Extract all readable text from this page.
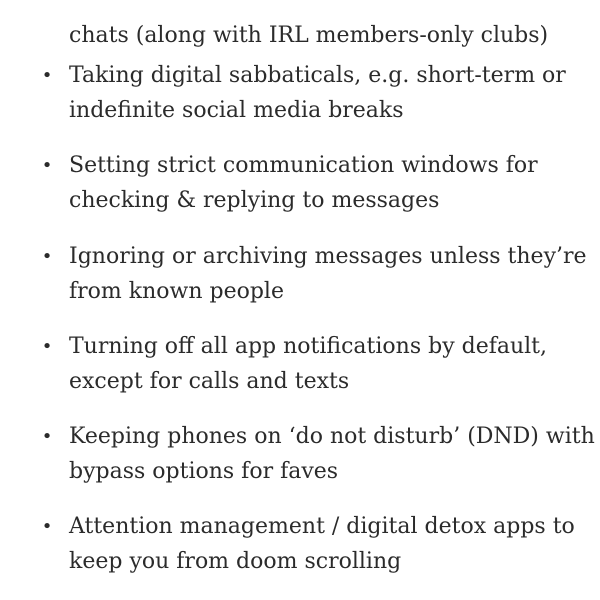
chats (along with IRL members-only clubs)
• Taking digital sabbaticals, e.g. short-term or
indefinite social media breaks
• Setting strict communication windows for
checking & replying to messages
• Ignoring or archiving messages unless they’re
from known people
• Turning off all app notifications by default,
except for calls and texts
• Keeping phones on ‘do not disturb’ (DND) with
bypass options for faves
• Attention management / digital detox apps to
keep you from doom scrolling
